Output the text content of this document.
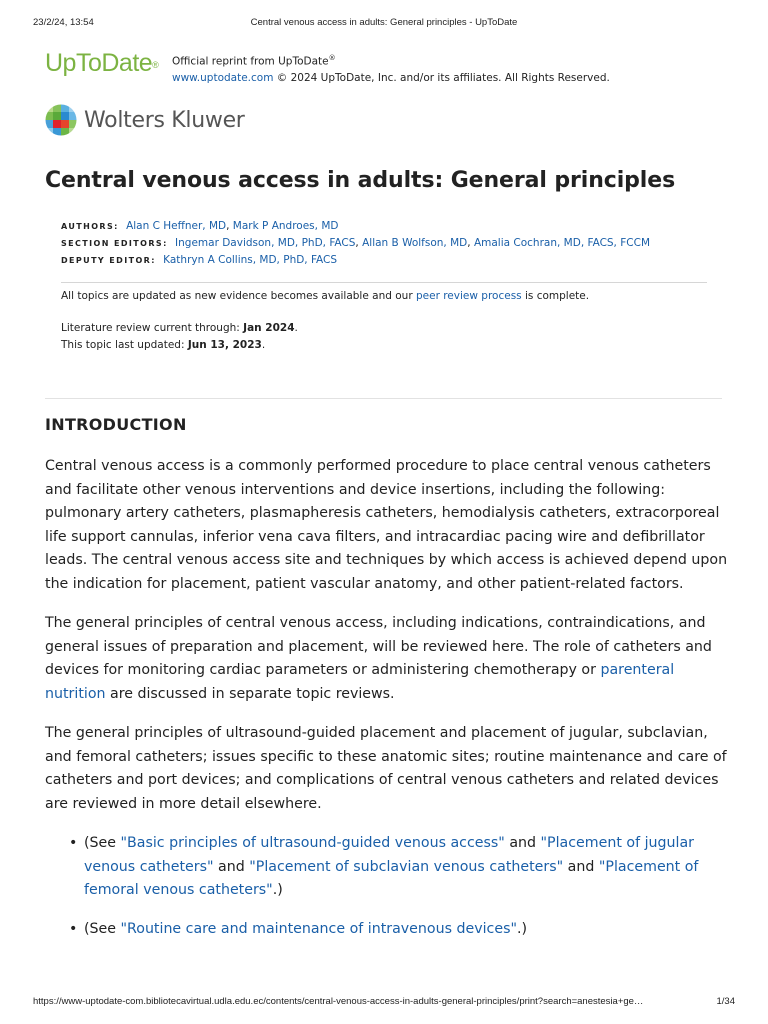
23/2/24, 13:54	Central venous access in adults: General principles - UpToDate
UpToDate® Official reprint from UpToDate®
www.uptodate.com © 2024 UpToDate, Inc. and/or its affiliates. All Rights Reserved.
Wolters Kluwer
Central venous access in adults: General principles
AUTHORS: Alan C Heffner, MD, Mark P Androes, MD
SECTION EDITORS: Ingemar Davidson, MD, PhD, FACS, Allan B Wolfson, MD, Amalia Cochran, MD, FACS, FCCM
DEPUTY EDITOR: Kathryn A Collins, MD, PhD, FACS
All topics are updated as new evidence becomes available and our peer review process is complete.
Literature review current through: Jan 2024.
This topic last updated: Jun 13, 2023.
INTRODUCTION

Central venous access is a commonly performed procedure to place central venous catheters and facilitate other venous interventions and device insertions, including the following: pulmonary artery catheters, plasmapheresis catheters, hemodialysis catheters, extracorporeal life support cannulas, inferior vena cava filters, and intracardiac pacing wire and defibrillator leads. The central venous access site and techniques by which access is achieved depend upon the indication for placement, patient vascular anatomy, and other patient-related factors.

The general principles of central venous access, including indications, contraindications, and general issues of preparation and placement, will be reviewed here. The role of catheters and devices for monitoring cardiac parameters or administering chemotherapy or parenteral nutrition are discussed in separate topic reviews.

The general principles of ultrasound-guided placement and placement of jugular, subclavian, and femoral catheters; issues specific to these anatomic sites; routine maintenance and care of catheters and port devices; and complications of central venous catheters and related devices are reviewed in more detail elsewhere.

• (See "Basic principles of ultrasound-guided venous access" and "Placement of jugular venous catheters" and "Placement of subclavian venous catheters" and "Placement of femoral venous catheters".)
• (See "Routine care and maintenance of intravenous devices".)
https://www-uptodate-com.bibliotecavirtual.udla.edu.ec/contents/central-venous-access-in-adults-general-principles/print?search=anestesia+ge…	1/34
